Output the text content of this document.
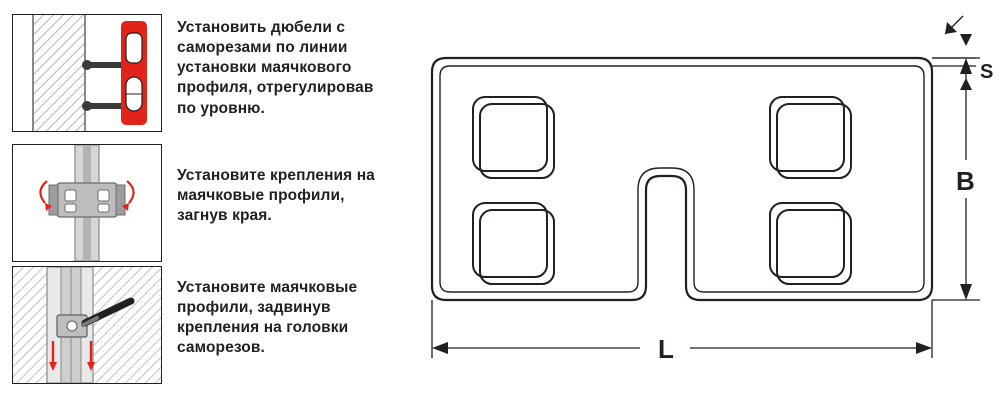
Установить дюбели с саморезами по линии установки маячкового профиля, отрегулировав по уровню.
Установите крепления на маячковые профили, загнув края.
Установите маячковые профили, задвинув крепления на головки саморезов.	L
B
S
